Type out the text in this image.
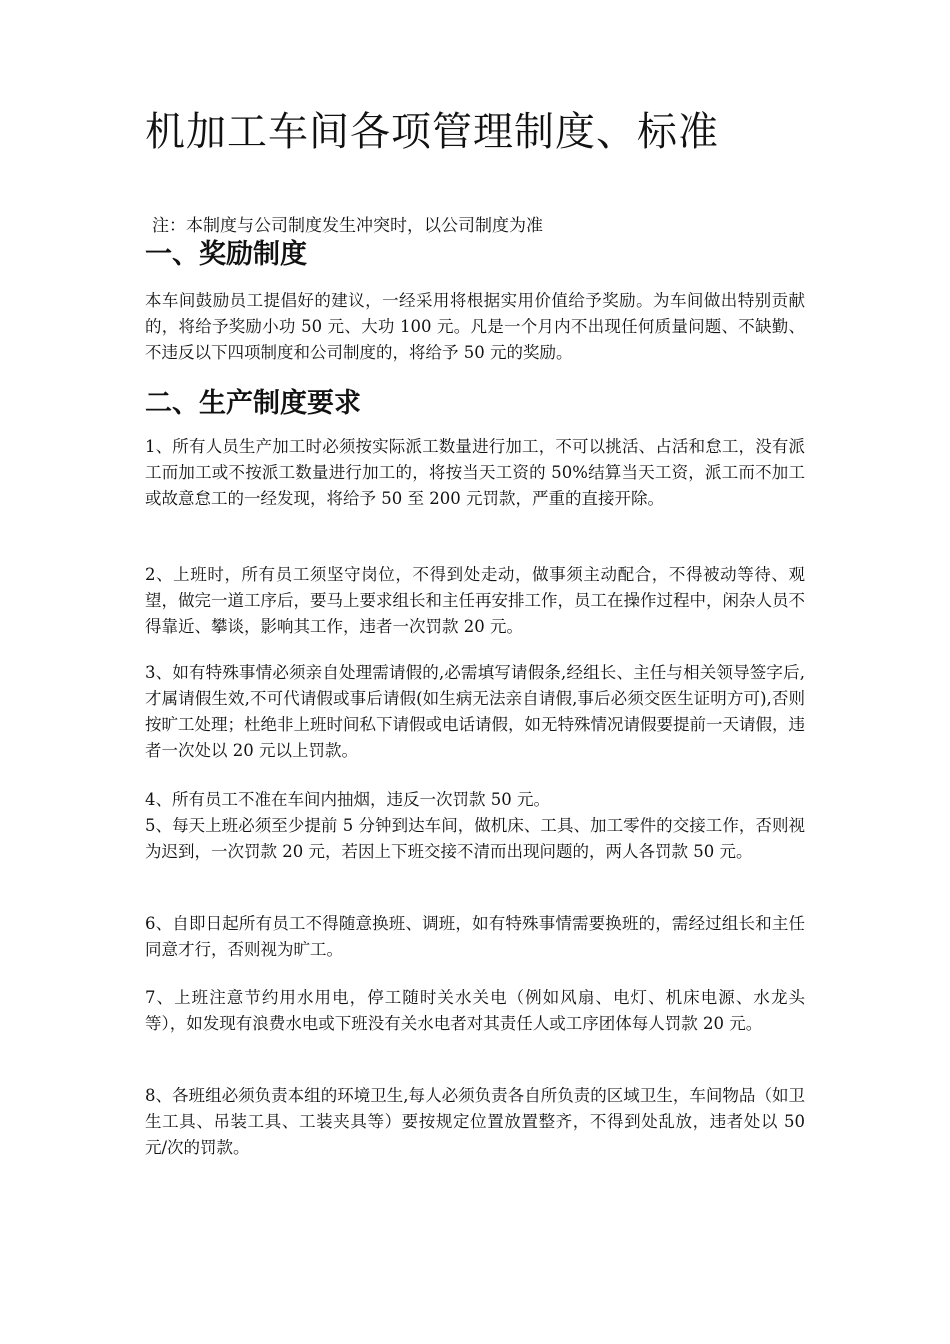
机加工车间各项管理制度、标准

注：本制度与公司制度发生冲突时，以公司制度为准

一、奖励制度

本车间鼓励员工提倡好的建议，一经采用将根据实用价值给予奖励。为车间做出特别贡献的，将给予奖励小功 50 元、大功 100 元。凡是一个月内不出现任何质量问题、不缺勤、不违反以下四项制度和公司制度的，将给予 50 元的奖励。

二、生产制度要求

1、所有人员生产加工时必须按实际派工数量进行加工，不可以挑活、占活和怠工，没有派工而加工或不按派工数量进行加工的，将按当天工资的 50%结算当天工资，派工而不加工或故意怠工的一经发现，将给予 50 至 200 元罚款，严重的直接开除。

2、上班时，所有员工须坚守岗位，不得到处走动，做事须主动配合，不得被动等待、观望，做完一道工序后，要马上要求组长和主任再安排工作，员工在操作过程中，闲杂人员不得靠近、攀谈，影响其工作，违者一次罚款 20 元。

3、如有特殊事情必须亲自处理需请假的,必需填写请假条,经组长、主任与相关领导签字后,才属请假生效,不可代请假或事后请假(如生病无法亲自请假,事后必须交医生证明方可),否则按旷工处理；杜绝非上班时间私下请假或电话请假，如无特殊情况请假要提前一天请假，违者一次处以 20 元以上罚款。

4、所有员工不准在车间内抽烟，违反一次罚款 50 元。

5、每天上班必须至少提前 5 分钟到达车间，做机床、工具、加工零件的交接工作，否则视为迟到，一次罚款 20 元，若因上下班交接不清而出现问题的，两人各罚款 50 元。

6、自即日起所有员工不得随意换班、调班，如有特殊事情需要换班的，需经过组长和主任同意才行，否则视为旷工。

7、上班注意节约用水用电，停工随时关水关电（例如风扇、电灯、机床电源、水龙头等），如发现有浪费水电或下班没有关水电者对其责任人或工序团体每人罚款 20 元。

8、各班组必须负责本组的环境卫生,每人必须负责各自所负责的区域卫生，车间物品（如卫生工具、吊装工具、工装夹具等）要按规定位置放置整齐，不得到处乱放，违者处以 50 元/次的罚款。
